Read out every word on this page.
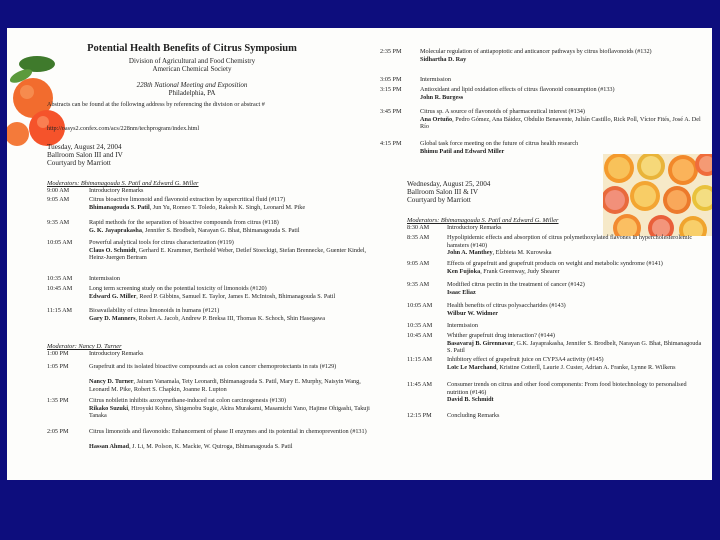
Potential Health Benefits of Citrus Symposium
Division of Agricultural and Food Chemistry
American Chemical Society
228th National Meeting and Exposition
Philadelphia, PA
Abstracts can be found at the following address by referencing the division or abstract #
http://oasys2.confex.com/acs/228nm/techprogram/index.html
Tuesday, August 24, 2004
Ballroom Salon III and IV
Courtyard by Marriott
Moderators: Bhimanagouda S. Patil and Edward G. Miller
9:00 AM	Introductory Remarks
9:05 AM	Citrus bioactive limonoid and flavonoid extraction by supercritical fluid (#117)
Bhimanagouda S. Patil, Jun Yu, Romeo T. Toledo, Rakesh K. Singh, Leonard M. Pike
9:35 AM	Rapid methods for the separation of bioactive compounds from citrus (#118)
G. K. Jayaprakasha, Jennifer S. Brodbelt, Narayan G. Bhat, Bhimanagouda S. Patil
10:05 AM	Powerful analytical tools for citrus characterization (#119)
Claus O. Schmidt, Gerhard E. Krammer, Berthold Weber, Detlef Stoeckigt, Stefan Brennecke, Guenter Kindel, Heinz-Juergen Bertram
10:35 AM	Intermission
10:45 AM	Long term screening study on the potential toxicity of limonoids (#120)
Edward G. Miller, Reed P. Gibbins, Samuel E. Taylor, James E. McIntosh, Bhimanagouda S. Patil
11:15 AM	Bioavailability of citrus limonoids in humans (#121)
Gary D. Manners, Robert A. Jacob, Andrew P. Breksa III, Thomas K. Schoch, Shin Hasegawa
Moderator: Nancy D. Turner
1:00 PM	Introductory Remarks
1:05 PM	Grapefruit and its isolated bioactive compounds act as colon cancer chemoprotectants in rats (#129)
Nancy D. Turner, Jairam Vanamala, Tety Leonardi, Bhimanagouda S. Patil, Mary E. Murphy, Naisyin Wang, Leonard M. Pike, Robert S. Chapkin, Joanne R. Lupton
1:35 PM	Citrus nobiletin inhibits azoxymethane-induced rat colon carcinogenesis (#130)
Rikako Suzuki, Hiroyuki Kohno, Shigenobu Sugie, Akira Murakami, Masamichi Yano, Hajime Ohigashi, Takuji Tanaka
2:05 PM	Citrus limonoids and flavonoids: Enhancement of phase II enzymes and its potential in chemoprevention (#131)
Hassan Ahmad, J. Li, M. Polson, K. Mackie, W. Quiroga, Bhimanagouda S. Patil
2:35 PM	Molecular regulation of antiapoptotic and anticancer pathways by citrus bioflavonoids (#132)
Sidhartha D. Ray
3:05 PM	Intermission
3:15 PM	Antioxidant and lipid oxidation effects of citrus flavonoid consumption (#133)
John R. Burgess
3:45 PM	Citrus sp. A source of flavonoids of pharmaceutical interest (#134)
Ana Ortuño, Pedro Gómez, Ana Báidez, Obdulio Benavente, Julián Castillo, Rick Poll, Víctor Fités, José A. Del Río
4:15 PM	Global task force meeting on the future of citrus health research
Bhimu Patil and Edward Miller
Wednesday, August 25, 2004
Ballroom Salon III & IV
Courtyard by Marriott
Moderators: Bhimanagouda S. Patil and Edward G. Miller
8:30 AM	Introductory Remarks
8:35 AM	Hypolipidemic effects and absorption of citrus polymethoxylated flavones in hypercholesterolemic hamsters (#140)
John A. Manthey, Elzbieta M. Kurowska
9:05 AM	Effects of grapefruit and grapefruit products on weight and metabolic syndrome (#141)
Ken Fujioka, Frank Greenway, Judy Shearer
9:35 AM	Modified citrus pectin in the treatment of cancer (#142)
Isaac Eliaz
10:05 AM Health benefits of citrus polysaccharides (#143)
Wilbur W. Widmer
10:35 AM Intermission
10:45 AM Whither grapefruit drug interaction? (#144)
Basavaraj B. Girennavar, G.K. Jayaprakasha, Jennifer S. Brodbelt, Narayan G. Bhat, Bhimanagouda S. Patil
11:15 AM Inhibitory effect of grapefruit juice on CYP3A4 activity (#145)
Loïc Le Marchand, Kristine Cotterll, Laurie J. Custer, Adrian A. Franke, Lynne R. Wilkens
11:45 AM Consumer trends on citrus and other food components: From food biotechnology to personalised nutrition (#146)
David B. Schmidt
12:15 PM Concluding Remarks
